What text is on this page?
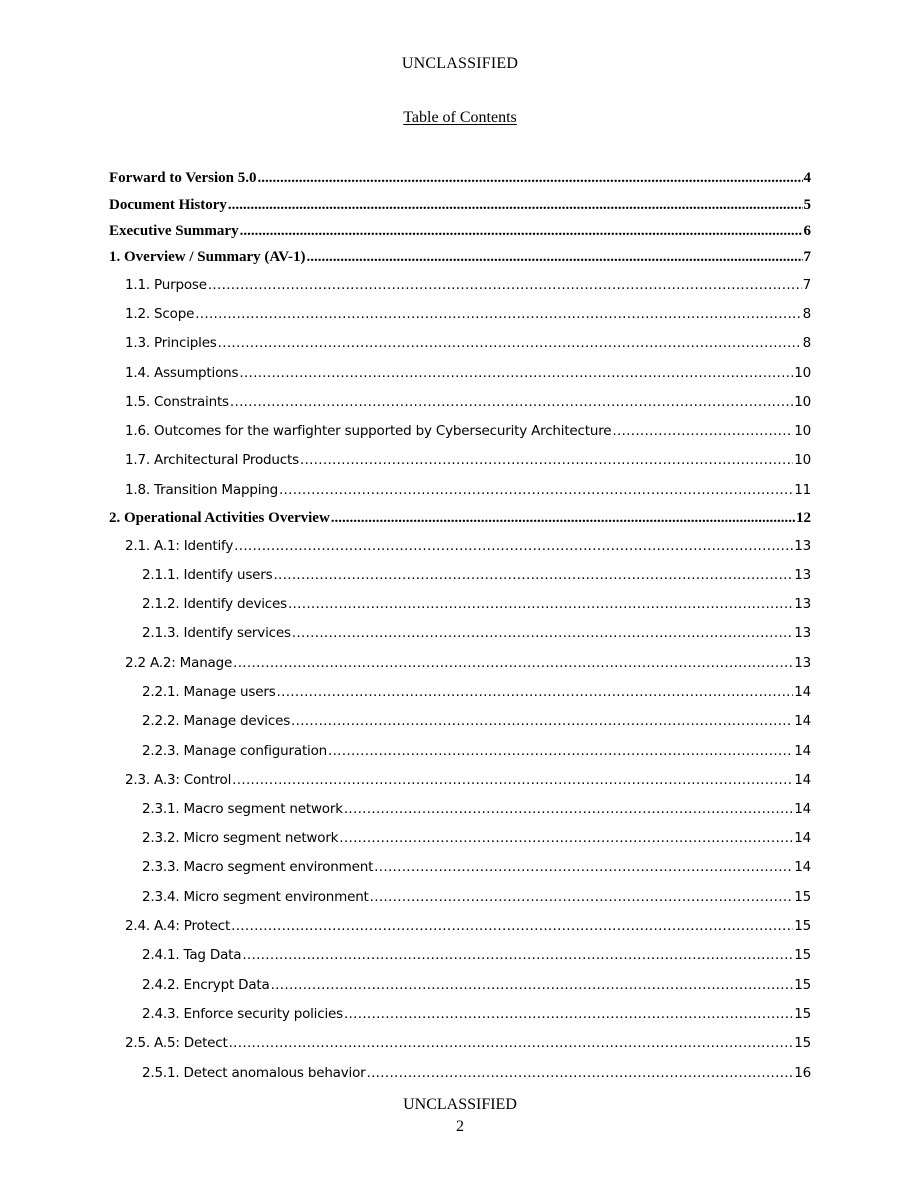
UNCLASSIFIED
Table of Contents
Forward to Version 5.0 .....	4
Document History .....	5
Executive Summary .....	6
1. Overview / Summary (AV-1) .....	7
1.1. Purpose .....	7
1.2. Scope .....	8
1.3. Principles .....	8
1.4. Assumptions .....	10
1.5. Constraints .....	10
1.6. Outcomes for the warfighter supported by Cybersecurity Architecture .....	10
1.7. Architectural Products .....	10
1.8. Transition Mapping .....	11
2. Operational Activities Overview .....	12
2.1. A.1: Identify .....	13
2.1.1. Identify users .....	13
2.1.2. Identify devices .....	13
2.1.3. Identify services .....	13
2.2 A.2: Manage .....	13
2.2.1. Manage users .....	14
2.2.2. Manage devices .....	14
2.2.3. Manage configuration .....	14
2.3. A.3: Control .....	14
2.3.1. Macro segment network .....	14
2.3.2. Micro segment network .....	14
2.3.3. Macro segment environment .....	14
2.3.4. Micro segment environment .....	15
2.4. A.4: Protect .....	15
2.4.1. Tag Data .....	15
2.4.2. Encrypt Data .....	15
2.4.3. Enforce security policies .....	15
2.5. A.5: Detect .....	15
2.5.1. Detect anomalous behavior .....	16
UNCLASSIFIED
2
